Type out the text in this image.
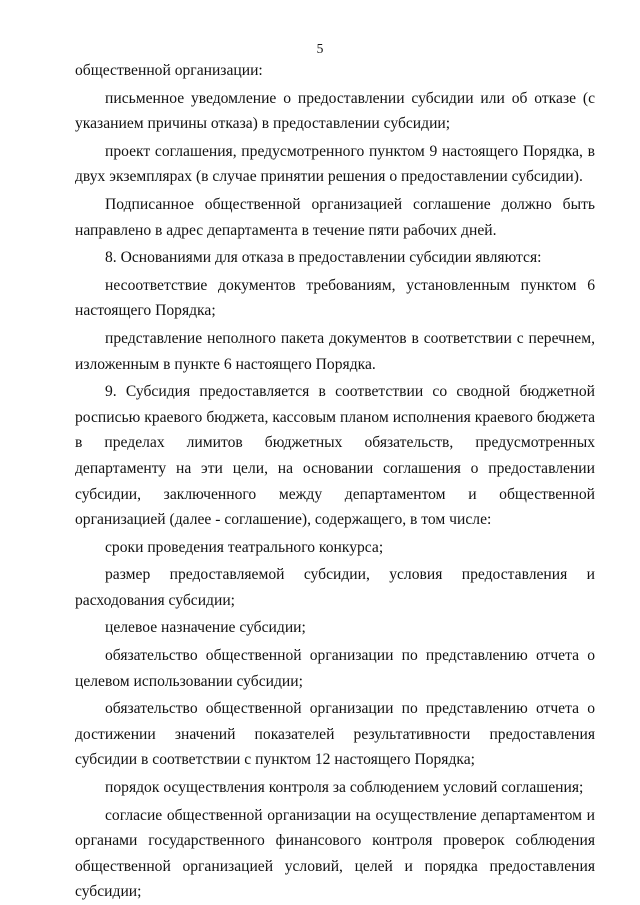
5

общественной организации:

письменное уведомление о предоставлении субсидии или об отказе (с указанием причины отказа) в предоставлении субсидии;

проект соглашения, предусмотренного пунктом 9 настоящего Порядка, в двух экземплярах (в случае принятии решения о предоставлении субсидии).

Подписанное общественной организацией соглашение должно быть направлено в адрес департамента в течение пяти рабочих дней.

8. Основаниями для отказа в предоставлении субсидии являются:

несоответствие документов требованиям, установленным пунктом 6 настоящего Порядка;

представление неполного пакета документов в соответствии с перечнем, изложенным в пункте 6 настоящего Порядка.

9. Субсидия предоставляется в соответствии со сводной бюджетной росписью краевого бюджета, кассовым планом исполнения краевого бюджета в пределах лимитов бюджетных обязательств, предусмотренных департаменту на эти цели, на основании соглашения о предоставлении субсидии, заключенного между департаментом и общественной организацией (далее - соглашение), содержащего, в том числе:

сроки проведения театрального конкурса;

размер предоставляемой субсидии, условия предоставления и расходования субсидии;

целевое назначение субсидии;

обязательство общественной организации по представлению отчета о целевом использовании субсидии;

обязательство общественной организации по представлению отчета о достижении значений показателей результативности предоставления субсидии в соответствии с пунктом 12 настоящего Порядка;

порядок осуществления контроля за соблюдением условий соглашения;

согласие общественной организации на осуществление департаментом и органами государственного финансового контроля проверок соблюдения общественной организацией условий, целей и порядка предоставления субсидии;
